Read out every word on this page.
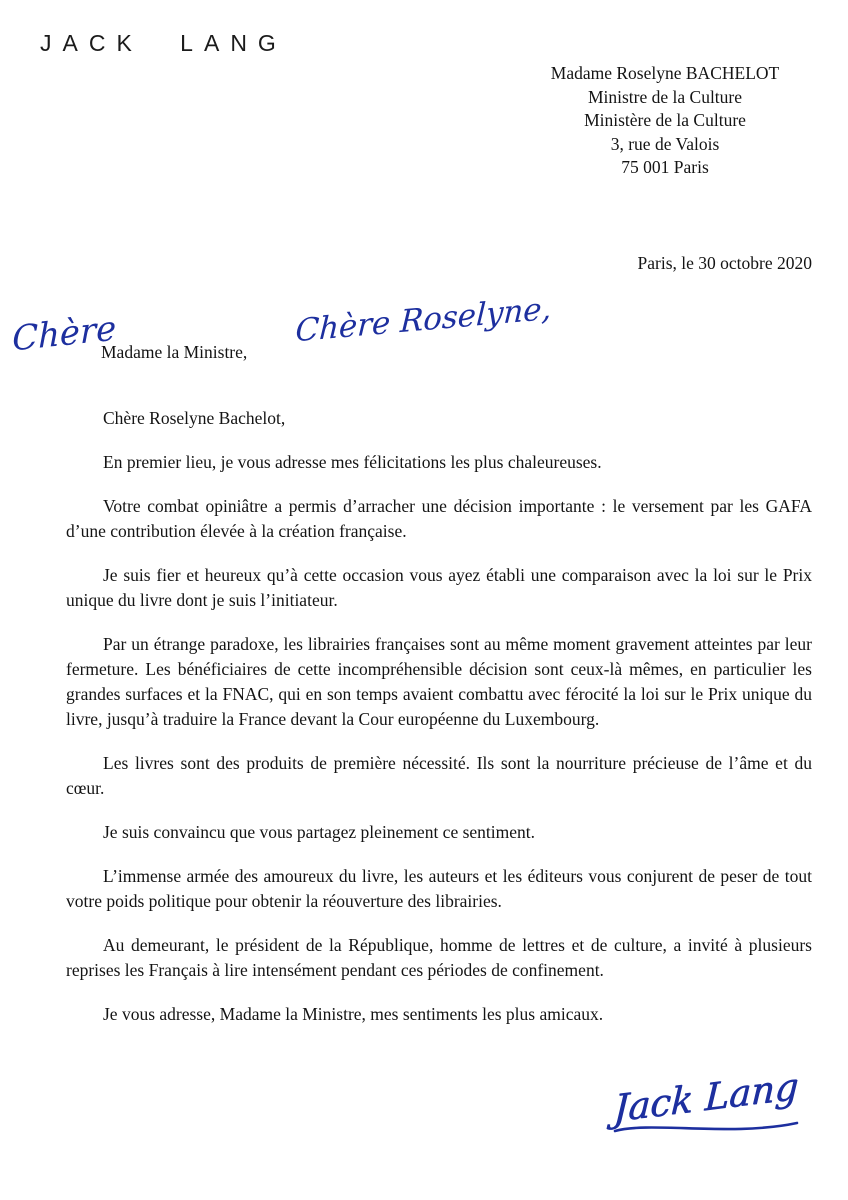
JACK LANG
Madame Roselyne BACHELOT
Ministre de la Culture
Ministère de la Culture
3, rue de Valois
75 001 Paris
Paris, le 30 octobre 2020
Chère
Madame la Ministre,
Chère Roselyne,

Chère Roselyne Bachelot,

En premier lieu, je vous adresse mes félicitations les plus chaleureuses.

Votre combat opiniâtre a permis d’arracher une décision importante : le versement par les GAFA d’une contribution élevée à la création française.

Je suis fier et heureux qu’à cette occasion vous ayez établi une comparaison avec la loi sur le Prix unique du livre dont je suis l’initiateur.

Par un étrange paradoxe, les librairies françaises sont au même moment gravement atteintes par leur fermeture. Les bénéficiaires de cette incompréhensible décision sont ceux-là mêmes, en particulier les grandes surfaces et la FNAC, qui en son temps avaient combattu avec férocité la loi sur le Prix unique du livre, jusqu’à traduire la France devant la Cour européenne du Luxembourg.

Les livres sont des produits de première nécessité. Ils sont la nourriture précieuse de l’âme et du cœur.

Je suis convaincu que vous partagez pleinement ce sentiment.

L’immense armée des amoureux du livre, les auteurs et les éditeurs vous conjurent de peser de tout votre poids politique pour obtenir la réouverture des librairies.

Au demeurant, le président de la République, homme de lettres et de culture, a invité à plusieurs reprises les Français à lire intensément pendant ces périodes de confinement.

Je vous adresse, Madame la Ministre, mes sentiments les plus amicaux.

Jack Lang
